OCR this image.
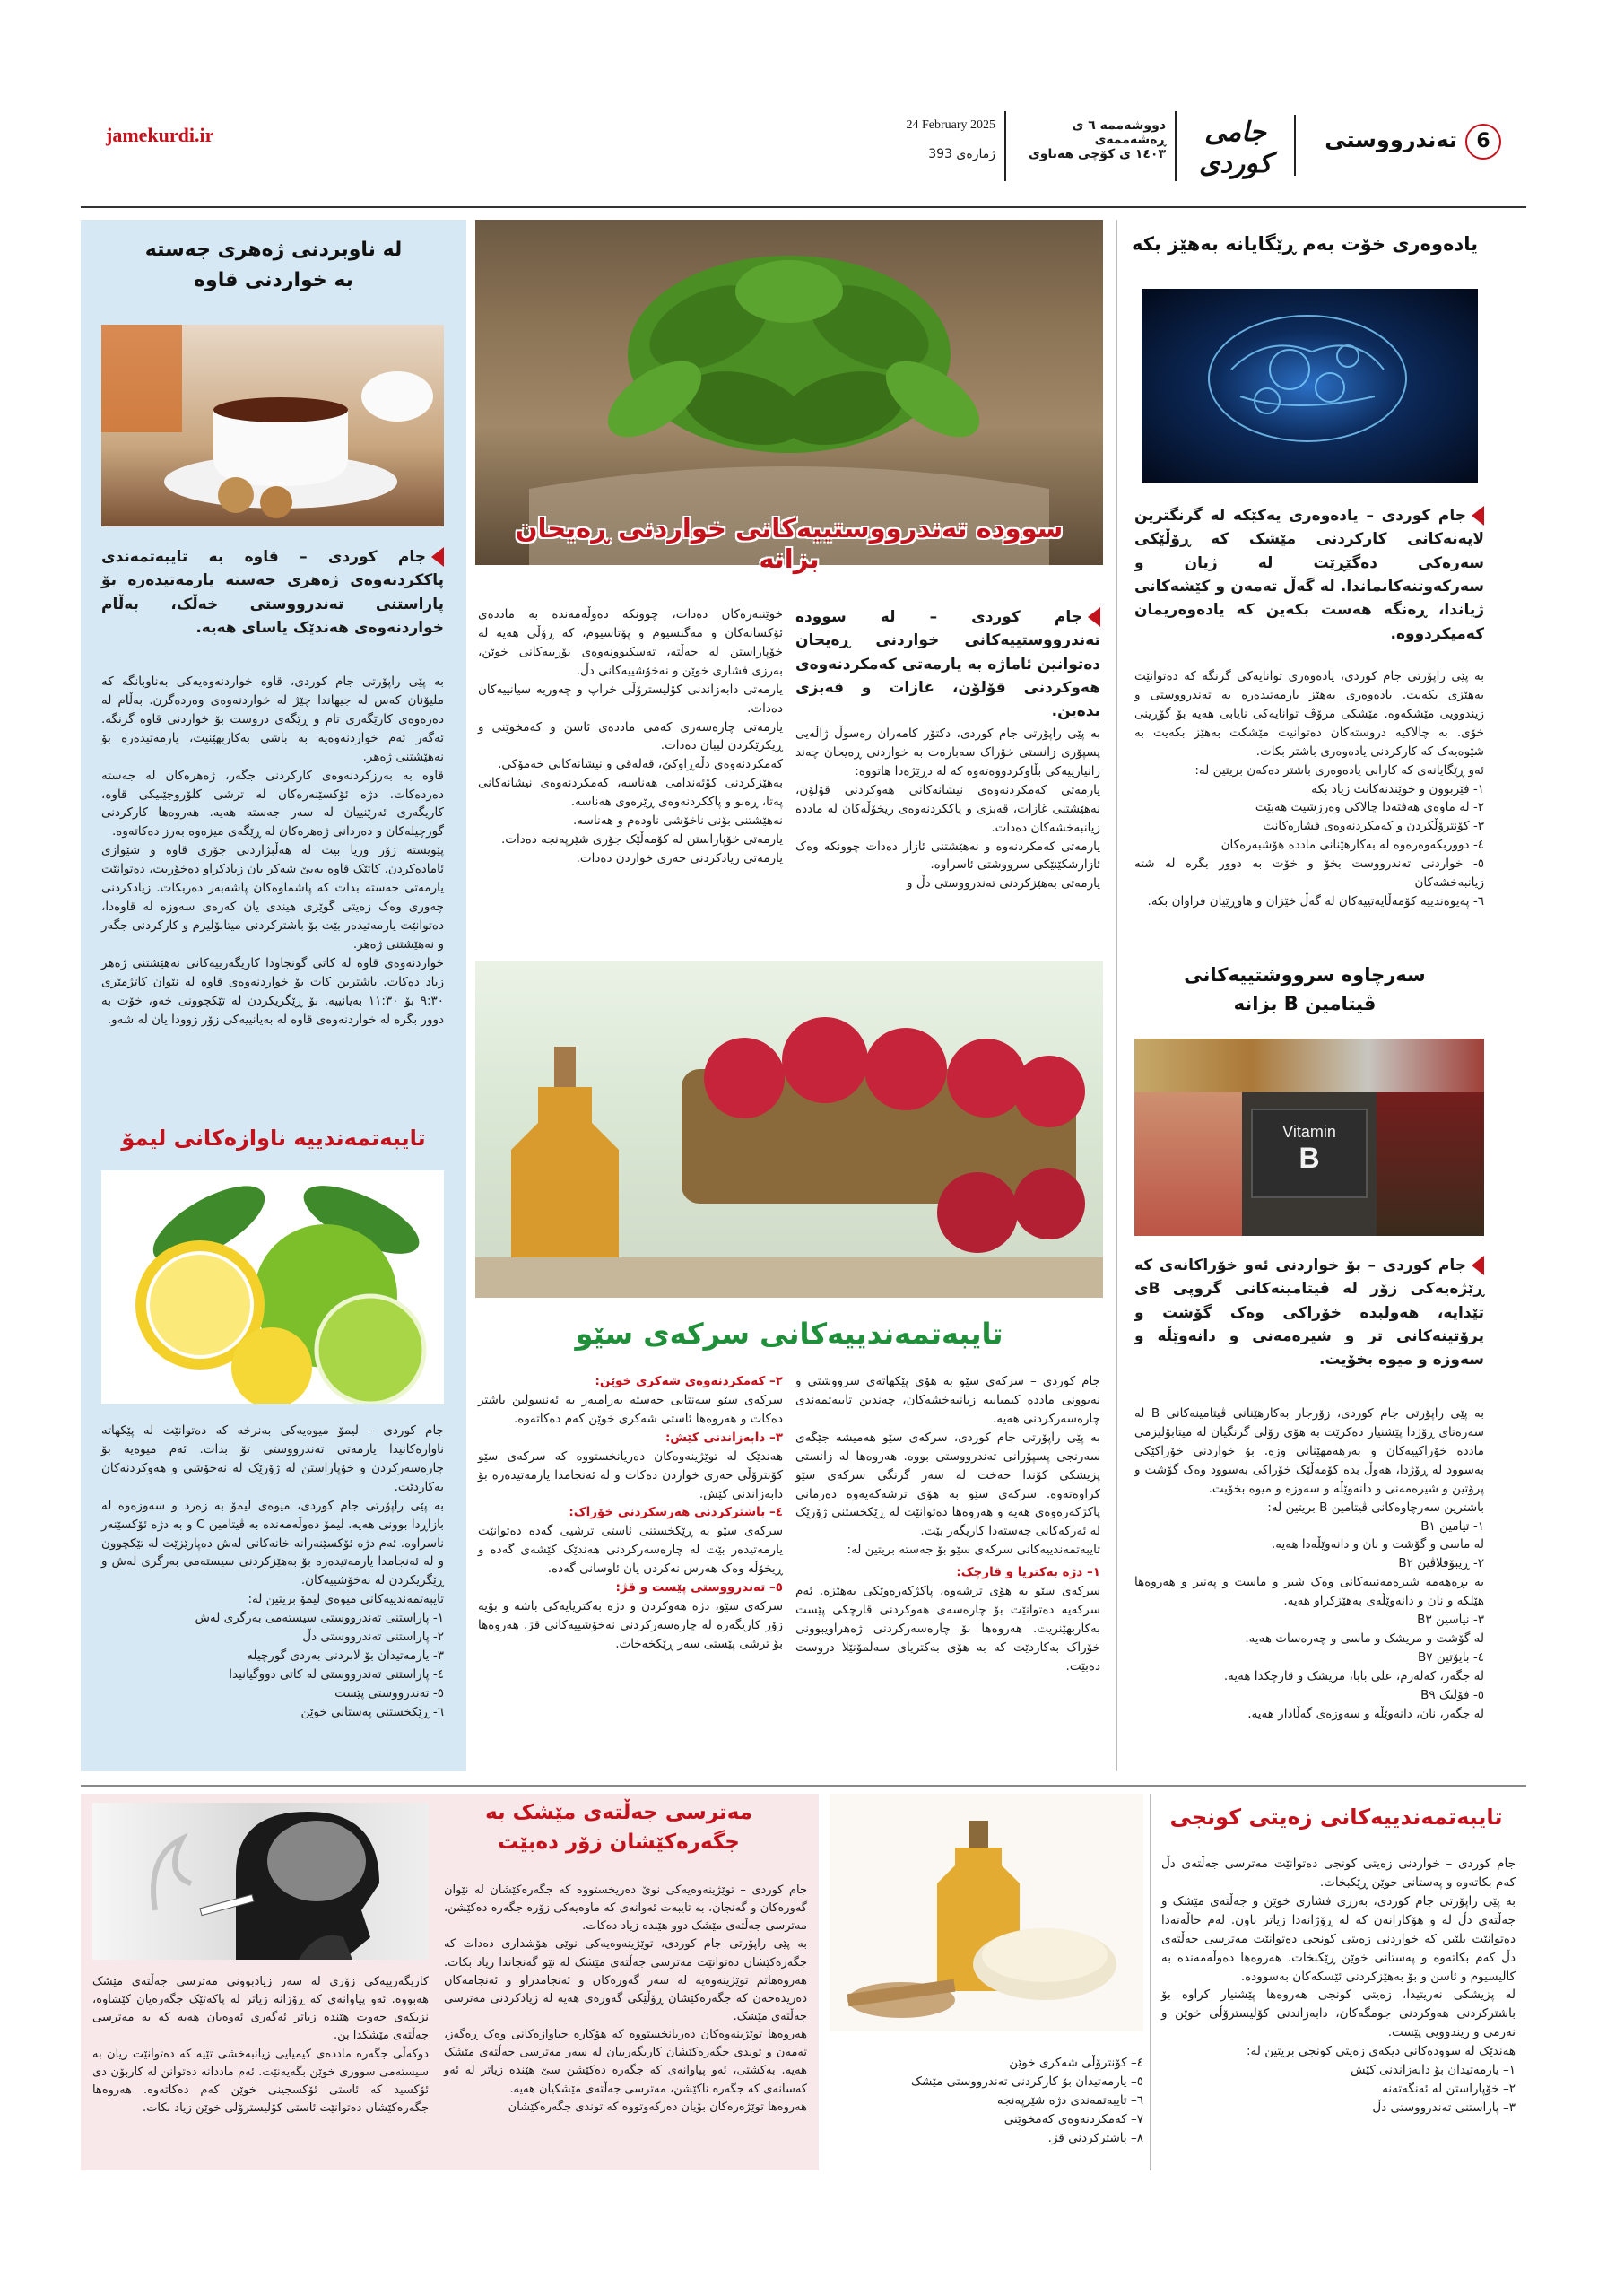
6
تەندرووستی
جامی کوردی
دووشەممە ٦ ی ڕەشەممەی
١٤٠٣ ی کۆچی هەتاوی
24 February 2025
ژمارەی 393
jamekurdi.ir
یادەوەری خۆت بەم ڕێگایانە بەهێز بکە
جام کوردی – یادەوەری یەکێکە لە گرنگترین لایەنەکانی کارکردنی مێشک کە ڕۆڵێکی سەرەکی دەگێڕێت لە ژیان و سەرکەوتنەکانماندا. لە گەڵ تەمەن و کێشەکانی ژیاندا، ڕەنگە هەست بکەین کە یادەوەریمان کەمیکردووە.
بە پێی راپۆرتی جام کوردی، یادەوەری توانایەکی گرنگە کە دەتوانێت بەهێزی بکەیت. یادەوەری بەهێز یارمەتیدەرە بە تەندرووستی و زیندوویی مێشکەوە. مێشکی مرۆڤ توانایەکی نایابی هەیە بۆ گۆڕینی خۆی. بە چالاکیە دروستەکان دەتوانیت مێشکت بەهێز بکەیت بە شێوەیەک کە کارکردنی یادەوەری باشتر بکات.
ئەو ڕێگایانەی کە کارابی یادەوەری باشتر دەکەن بریتین لە:
١- فێربوون و خوێندنەکانت زیاد بکە
٢- لە ماوەی هەفتەدا چالاکی وەرزشیت هەبێت
٣- کۆنترۆڵکردن و کەمکردنەوەی فشارەکانت
٤- دووربکەوەرەوە لە بەکارهێنانی ماددە هۆشبەرەکان
٥- خواردنی تەندرووست بخۆ و خۆت بە دوور بگرە لە شتە زیانبەخشەکان
٦- پەیوەندییە کۆمەڵایەتییەکان لە گەڵ خێزان و هاوڕێیان فراوان بکە.
سەرچاوە سرووشتییەکانی
ڤیتامین B بزانە
Vitamin
B
جام کوردی – بۆ خواردنی ئەو خۆراکانەی کە ڕێژەیەکی زۆر لە ڤیتامینەکانی گروپی Bی تێدایە، هەولبدە خۆراکی وەک گۆشت و پرۆتینەکانی تر و شیرەمەنی و دانەوێڵە و سەوزە و میوە بخۆیت.
بە پێی راپۆرتی جام کوردی، زۆرجار بەکارهێنانی ڤیتامینەکانی B لە سەرەتای ڕۆژدا پێشنیار دەکرێت بە هۆی رۆلی گرنگیان لە میتابۆلیزمی ماددە خۆراکییەکان و بەرهەمهێنانی وزە. بۆ خواردنی خۆراکێکی بەسوود لە ڕۆژدا، هەوڵ بدە کۆمەڵێک خۆراکی بەسوود وەک گۆشت و پرۆتین و شیرەمەنی و دانەوێڵە و سەوزە و میوە بخۆیت.
باشترین سەرچاوەکانی ڤیتامین B بریتین لە:
١- تیامین B١
لە ماسی و گۆشت و نان و دانەوێڵەدا هەیە.
٢- ڕیبۆفلاڤین B٢
بە بڕەهەمە شیرەمەنییەکانی وەک شیر و ماست و پەنیر و هەروەها هێلکە و نان و دانەوێڵەی بەهێزکراو هەیە.
٣- نیاسین B٣
لە گۆشت و مریشک و ماسی و چەرەسات هەیە.
٤- بایۆتین B٧
لە جگەر، کەلەرم، علی بابا، مریشک و قارچکدا هەیە.
٥- فۆلیک B٩
لە جگەر، نان، دانەوێڵە و سەوزەی گەڵادار هەیە.
سوودە تەندرووستییەکانی خواردنی ڕەیحان بزانە
جام کوردی – لە سوودە تەندرووستییەکانی خواردنی ڕەیحان دەتوانین ئاماژە بە یارمەتی کەمکردنەوەی هەوکردنی قۆلۆن، غازات و قەبزی بدەین.
بە پێی راپۆرتی جام کوردی، دکتۆر کامەران رەسوڵ ژاڵەیی پسپۆری زانستی خۆراک سەبارەت بە خواردنی ڕەیحان چەند زانیارییەکی بڵاوکردووەتەوە کە لە دڕێژەدا هاتووە:
یارمەتی کەمکردنەوەی نیشانەکانی هەوکردنی قۆلۆن، نەهێشتنی غازات، قەبزی و پاککردنەوەی ریخۆڵەکان لە ماددە زیانبەخشەکان دەدات.
یارمەتی کەمکردنەوە و نەهێشتنی ئازار دەدات چوونکە وەک ئازارشکێنێکی سرووشتی ئاسراوە.
یارمەتی بەهێزکردنی تەندرووستی دڵ و
خوێنبەرەکان دەدات، چوونکە دەوڵەمەندە بە ماددەی ئۆکسانەکان و مەگنسیوم و پۆتاسیوم، کە ڕۆڵی هەیە لە خۆپاراستن لە جەڵتە، تەسکبوونەوەی بۆرییەکانی خوێن، بەرزی فشاری خوێن و نەخۆشییەکانی دڵ.
یارمەتی دابەزاندنی کۆلیسترۆڵی خراپ و چەوریە سیانییەکان دەدات.
یارمەتی چارەسەری کەمی ماددەی ئاسن و کەمخوێنی و ڕیکرێکردن لیبان دەدات.
کەمکردنەوەی دڵەڕاوکێ، قەلەقی و نیشانەکانی خەمۆکی.
بەهێزکردنی کۆئەندامی هەناسە، کەمکردنەوەی نیشانەکانی پەتا، ڕەبو و پاککردنەوەی ڕێرەوی هەناسە.
نەهێشتنی بۆنی ناخۆشی ناودەم و هەناسە.
یارمەتی خۆپاراستن لە کۆمەڵێک جۆری شێرپەنجە دەدات.
یارمەتی زیادکردنی حەزی خواردن دەدات.
تایبەتمەندییەکانی سرکەی سێو
جام کوردی – سرکەی سێو بە هۆی پێکهاتەی سرووشتی و نەبوونی ماددە کیمیاییە زیانبەخشەکان، چەندین تایبەتمەندی چارەسەرکردنی هەیە.
بە پێی راپۆرتی جام کوردی، سرکەی سێو هەمیشە جێگەی سەرنجی پسپۆرانی تەندرووستی بووە. هەروەها لە زانستی پزیشکی کۆندا حەخت لە سەر گرنگی سرکەی سێو کراوەتەوە. سرکەی سێو بە هۆی ترشەکەیەوە دەرمانی پاکژکەرەوەی هەیە و هەروەها دەتوانێت لە ڕێکخستنی ژۆرێک لە ئەرکەکانی جەستەدا کاریگەر بێت.
تایبەتمەندییەکانی سرکەی سێو بۆ جەستە بریتین لە:
١– دژە بەکتریا و قارچک:
سرکەی سێو بە هۆی ترشەوە، پاکژکەرەوێکی بەهێزە. ئەم سرکەیە دەتوانێت بۆ چارەسەی هەوکردنی قارچکی پێست بەکاربهێنریت. هەروەها بۆ چارەسەرکردنی ژەهراویبوونی خۆراک بەکاردێت کە بە هۆی بەکتریای سەلمۆنێلا دروست دەبێت.
٢– کەمکردنەوەی شەکری خوێن:
سرکەی سێو سەنتایی جەستە بەرامبەر بە ئەنسولین باشتر دەکات و هەروەها ئاستی شەکری خوێن کەم دەکاتەوە.
٣– دابەزاندنی کێش:
هەندێک لە توێژینەوەکان دەریانخستووە کە سرکەی سێو کۆنترۆڵی حەزی خواردن دەکات و لە ئەنجامدا یارمەتیدەرە بۆ دابەزاندنی کێش.
٤– باشترکردنی هەرسکردنی خۆراک:
سرکەی سێو بە ڕێکخستنی ئاستی ترشیی گەدە دەتوانێت یارمەتیدەر بێت لە چارەسەرکردنی هەندێک کێشەی گەدە و ڕیخۆڵە وەک هەرس نەکردن یان ئاوسانی گەدە.
٥– تەندرووستی پێست و قژ:
سرکەی سێو، دژە هەوکردن و دژە بەکتریایەکی باشە و بۆیە زۆر کاریگەرە لە چارەسەرکردنی نەخۆشییەکانی قژ. هەروەها بۆ ترشی پێستی سەر ڕێکخەخات.
لە ناوبردنی ژەهری جەستە
بە خواردنی قاوە
جام کوردی – قاوە بە تایبەتمەندی پاککردنەوەی ژەهری جەستە یارمەتیدەرە بۆ پاراستنی تەندرووستی خەڵک، بەڵام خواردنەوەی هەندێک یاسای هەیە.
بە پێی راپۆرتی جام کوردی، قاوە خواردنەوەیەکی بەناوبانگە کە ملیۆنان کەس لە جیهاندا چێژ لە خواردنەوەی وەردەگرن. بەڵام لە دەرەوەی کارێگەری تام و ڕێگەی دروست بۆ خواردنی قاوە گرنگە. ئەگەر ئەم خواردنەوەیە بە باشی بەکاربهێنیت، یارمەتیدەرە بۆ نەهێشتنی ژەهر.
قاوە بە بەرزکردنەوەی کارکردنی جگەر، ژەهرەکان لە جەستە دەردەکات. دژە ئۆکسێنەرەکان لە ترشی کلۆروجێنیکی قاوە، کاریگەری ئەرێنییان لە سەر جەستە هەیە. هەروەها کارکردنی گورچیلەکان و دەردانی ژەهرەکان لە ڕێگەی میزەوە بەرز دەکاتەوە.
پێویستە زۆر وریا بیت لە هەڵبژاردنی جۆری قاوە و شێوازی ئامادەکردن. کاتێک قاوە بەبێ شەکر یان زیادکراو دەخۆریت، دەتوانێت یارمەتی جەستە بدات کە پاشماوەکان پاشەبەر دەربکات. زیادکردنی چەوری وەک زەیتی گوێزی هیندی یان کەرەی سەوزە لە قاوەدا، دەتوانێت یارمەتیدەر بێت بۆ باشترکردنی میتابۆلیزم و کارکردنی جگەر و نەهێشتنی ژەهر.
خواردنەوەی قاوە لە کاتی گونجاودا کاریگەرییەکانی نەهێشتنی ژەهر زیاد دەکات. باشترین کات بۆ خواردنەوەی قاوە لە نێوان کاتژمێری ٩:٣٠ بۆ ١١:٣٠ بەیانییە. بۆ ڕێگریکردن لە تێکچوونی خەو، خۆت بە دوور بگرە لە خواردنەوەی قاوە لە بەیانییەکی زۆر زوودا یان لە شەو.
تایبەتمەندییە ناوازەکانی لیمۆ
جام کوردی – لیمۆ میوەیەکی بەنرخە کە دەتوانێت لە پێکهاتە ناوازەکانیدا یارمەتی تەندرووستی تۆ بدات. ئەم میوەیە بۆ چارەسەرکردن و خۆپاراستن لە ژۆرێک لە نەخۆشی و هەوکردنەکان بەکاردێت.
بە پێی راپۆرتی جام کوردی، میوەی لیمۆ بە زەرد و سەوزەوە لە بازاڕدا بوونی هەیە. لیمۆ دەوڵەمەندە بە ڤیتامین C و بە دژە ئۆکسێنەر ناسراوە. ئەم دژە ئۆکسێنەرانە خانەکانی لەش دەپارێزێت لە تێکچوون و لە ئەنجامدا یارمەتیدەرە بۆ بەهێزکردنی سیستەمی بەرگری لەش و ڕێگریکردن لە نەخۆشییەکان.
تایبەتمەندییەکانی میوەی لیمۆ بریتین لە:
١- پاراستنی تەندرووستی سیستەمی بەرگری لەش
٢- پاراستنی تەندرووستی دڵ
٣- یارمەتیدان بۆ لابردنی بەردی گورچیلە
٤- پاراستنی تەندرووستی لە کاتی دووگیانیدا
٥- تەندرووستی پێست
٦- ڕێکخستنی پەستانی خوێن
تایبەتمەندییەکانی زەیتی کونجی
جام کوردی – خواردنی زەیتی کونجی دەتوانێت مەترسی جەڵتەی دڵ کەم بکاتەوە و پەستانی خوێن ڕێکبخات.
بە پێی راپۆرتی جام کوردی، بەرزی فشاری خوێن و جەڵتەی مێشک و جەڵتەی دڵ لە و هۆکارانەن کە لە ڕۆژانەدا زیاتر باون. لەم حاڵەتەدا دەتوانێت بلێین کە خواردنی زەیتی کونجی دەتوانێت مەترسی جەڵتەی دڵ کەم بکاتەوە و پەستانی خوێن ڕێکبخات. هەروەها دەوڵەمەندە بە کالیسیوم و ئاسن و بۆ بەهێزکردنی ئێسکەکان بەسوودە.
لە پزیشکی نەریتیدا، زەیتی کونجی هەروەها پێشنیار کراوە بۆ باشترکردنی هەوکردنی جومگەکان، دابەزاندنی کۆلیسترۆڵی خوێن و نەرمی و زیندوویی پێست.
هەندێک لە سوودەکانی دیکەی زەیتی کونجی بریتین لە:
١– یارمەتیدان بۆ دابەزاندنی کێش
٢– خۆپاراستن لە ئەنگەتەنە
٣– پاراستنی تەندرووستی دڵ
٤– کۆنترۆڵی شەکری خوێن
٥– یارمەتیدان بۆ کارکردنی تەندرووستی مێشک
٦– تایبەتمەندی دژە شێرپەنجە
٧– کەمکردنەوەی کەمخوێنی
٨– باشترکردنی قژ.
مەترسی جەڵتەی مێشک بە
جگەرەکێشان زۆر دەبێت
جام کوردی – توێژینەوەیەکی نوێ دەریخستووە کە جگەرەکێشان لە نێوان گەورەکان و گەنجان، بە تایبەت ئەوانەی کە ماوەیەکی زۆرە جگەرە دەکێشن، مەترسی جەڵتەی مێشک دوو هێندە زیاد دەکات.
بە پێی راپۆرتی جام کوردی، توێژینەوەیەکی نوێی هۆشداری دەدات کە جگەرەکێشان دەتوانێت مەترسی جەڵتەی مێشک لە نێو گەنجاندا زیاد بکات. هەروەهاتم توێژینەوەیە لە سەر گەورەکان و ئەنجامدراو و ئەنجامەکان دەریدەخەن کە جگەرەکێشان ڕۆڵێکی گەورەی هەیە لە زیادکردنی مەترسی جەڵتەی مێشک.
هەروەها توێژینەوەکان دەریانخستووە کە هۆکارە جیاوازەکانی وەک ڕەگەز، تەمەن و توندی جگەرەکێشان کاریگەرییان لە سەر مەترسی جەڵتەی مێشک هەیە. بەکشتی، ئەو پیاوانەی کە جگەرە دەکێشن سێ هێندە زیاتر لە ئەو کەسانەی کە جگەرە ناکێشن، مەترسی جەڵتەی مێشکیان هەیە.
هەروەها توێژەرەکان بۆیان دەرکەوتووە کە توندی جگەرەکێشان
کاریگەرییەکی زۆری لە سەر زیادبوونی مەترسی جەڵتەی مێشک هەبووە. ئەو پیاوانەی کە ڕۆژانە زیاتر لە پاکەتێک جگەرەیان کێشاوە، نزیکەی حەوت هێندە زیاتر ئەگەری ئەوەیان هەیە کە بە مەترسی جەڵتەی مێشکدا بن.
دوکەڵی جگەرە ماددەی کیمیایی زیانبەخشی تێیە کە دەتوانێت زیان بە سیستەمی سووری خوێن بگەیەنێت. ئەم ماددانە دەتوانن لە کاربۆن دی ئۆکسید کە ئاستی ئۆکسجینی خوێن کەم دەکاتەوە. هەروەها جگەرەکێشان دەتوانێت ئاستی کۆلیسترۆلی خوێن زیاد بکات.
